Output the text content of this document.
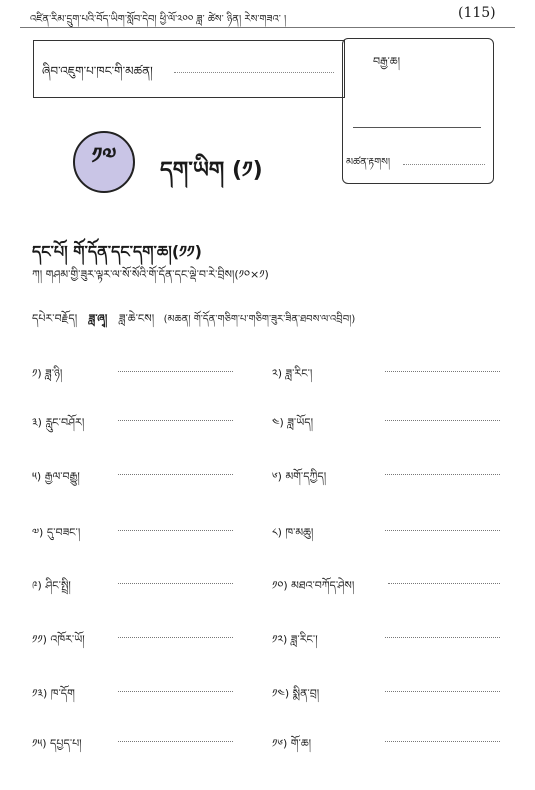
འཛིན་རིམ་དྲུག་པའི་བོད་ཡིག་སློབ་དེབ། ཕྱི་ལོ་༢༠༠ ཟླ་ ཚེས་ ཉིན། རེས་གཟའ་ །	(115)
ཞིབ་འཇུག་པ་ཁང་གི་མཚན།
བརྒྱ་ཆ།
མཚན་རྟགས།
༡༧
དག་ཡིག (༡)
དང་པོ། གོ་དོན་དང་དག་ཆ།(༡༡)
ཀ། གཤམ་གྱི་ཟུར་ལྟར་ལ་སོ་སོའི་གོ་དོན་དང་ལྡེ་བ་རེ་བྲིས།(༡༠×༡)
དཔེར་བརྗོད། ཟླ་ཞྭ། ཟླ་ཆེ་ངས། (མཆན། གོ་དོན་གཅིག་པ་གཅིག་ཟུར་ཟིན་ཐབས་ལ་འབྲིབ།)
༡) ཟླ་ཉི།	༢) ཟླ་རིང་།
༣) རླུང་བཤོར།	༤) ཟླ་ཡོད།
༥) རྒྱལ་བརྒྱུ།	༦) མགོ་དཀྱིད།
༧) དུ་བཟང་།	༨) ཁ་མཆུ།
༩) ཤིང་སྤྲི།	༡༠) མཐའ་བཀོད་ཤེས།
༡༡) འཁོར་ཡོ།	༡༢) ཟླ་རིང་།
༡༣) ཁ་དོག	༡༤) སྨིན་བྲ།
༡༥) དཔྱད་པ།	༡༦) གོ་ཆ།
